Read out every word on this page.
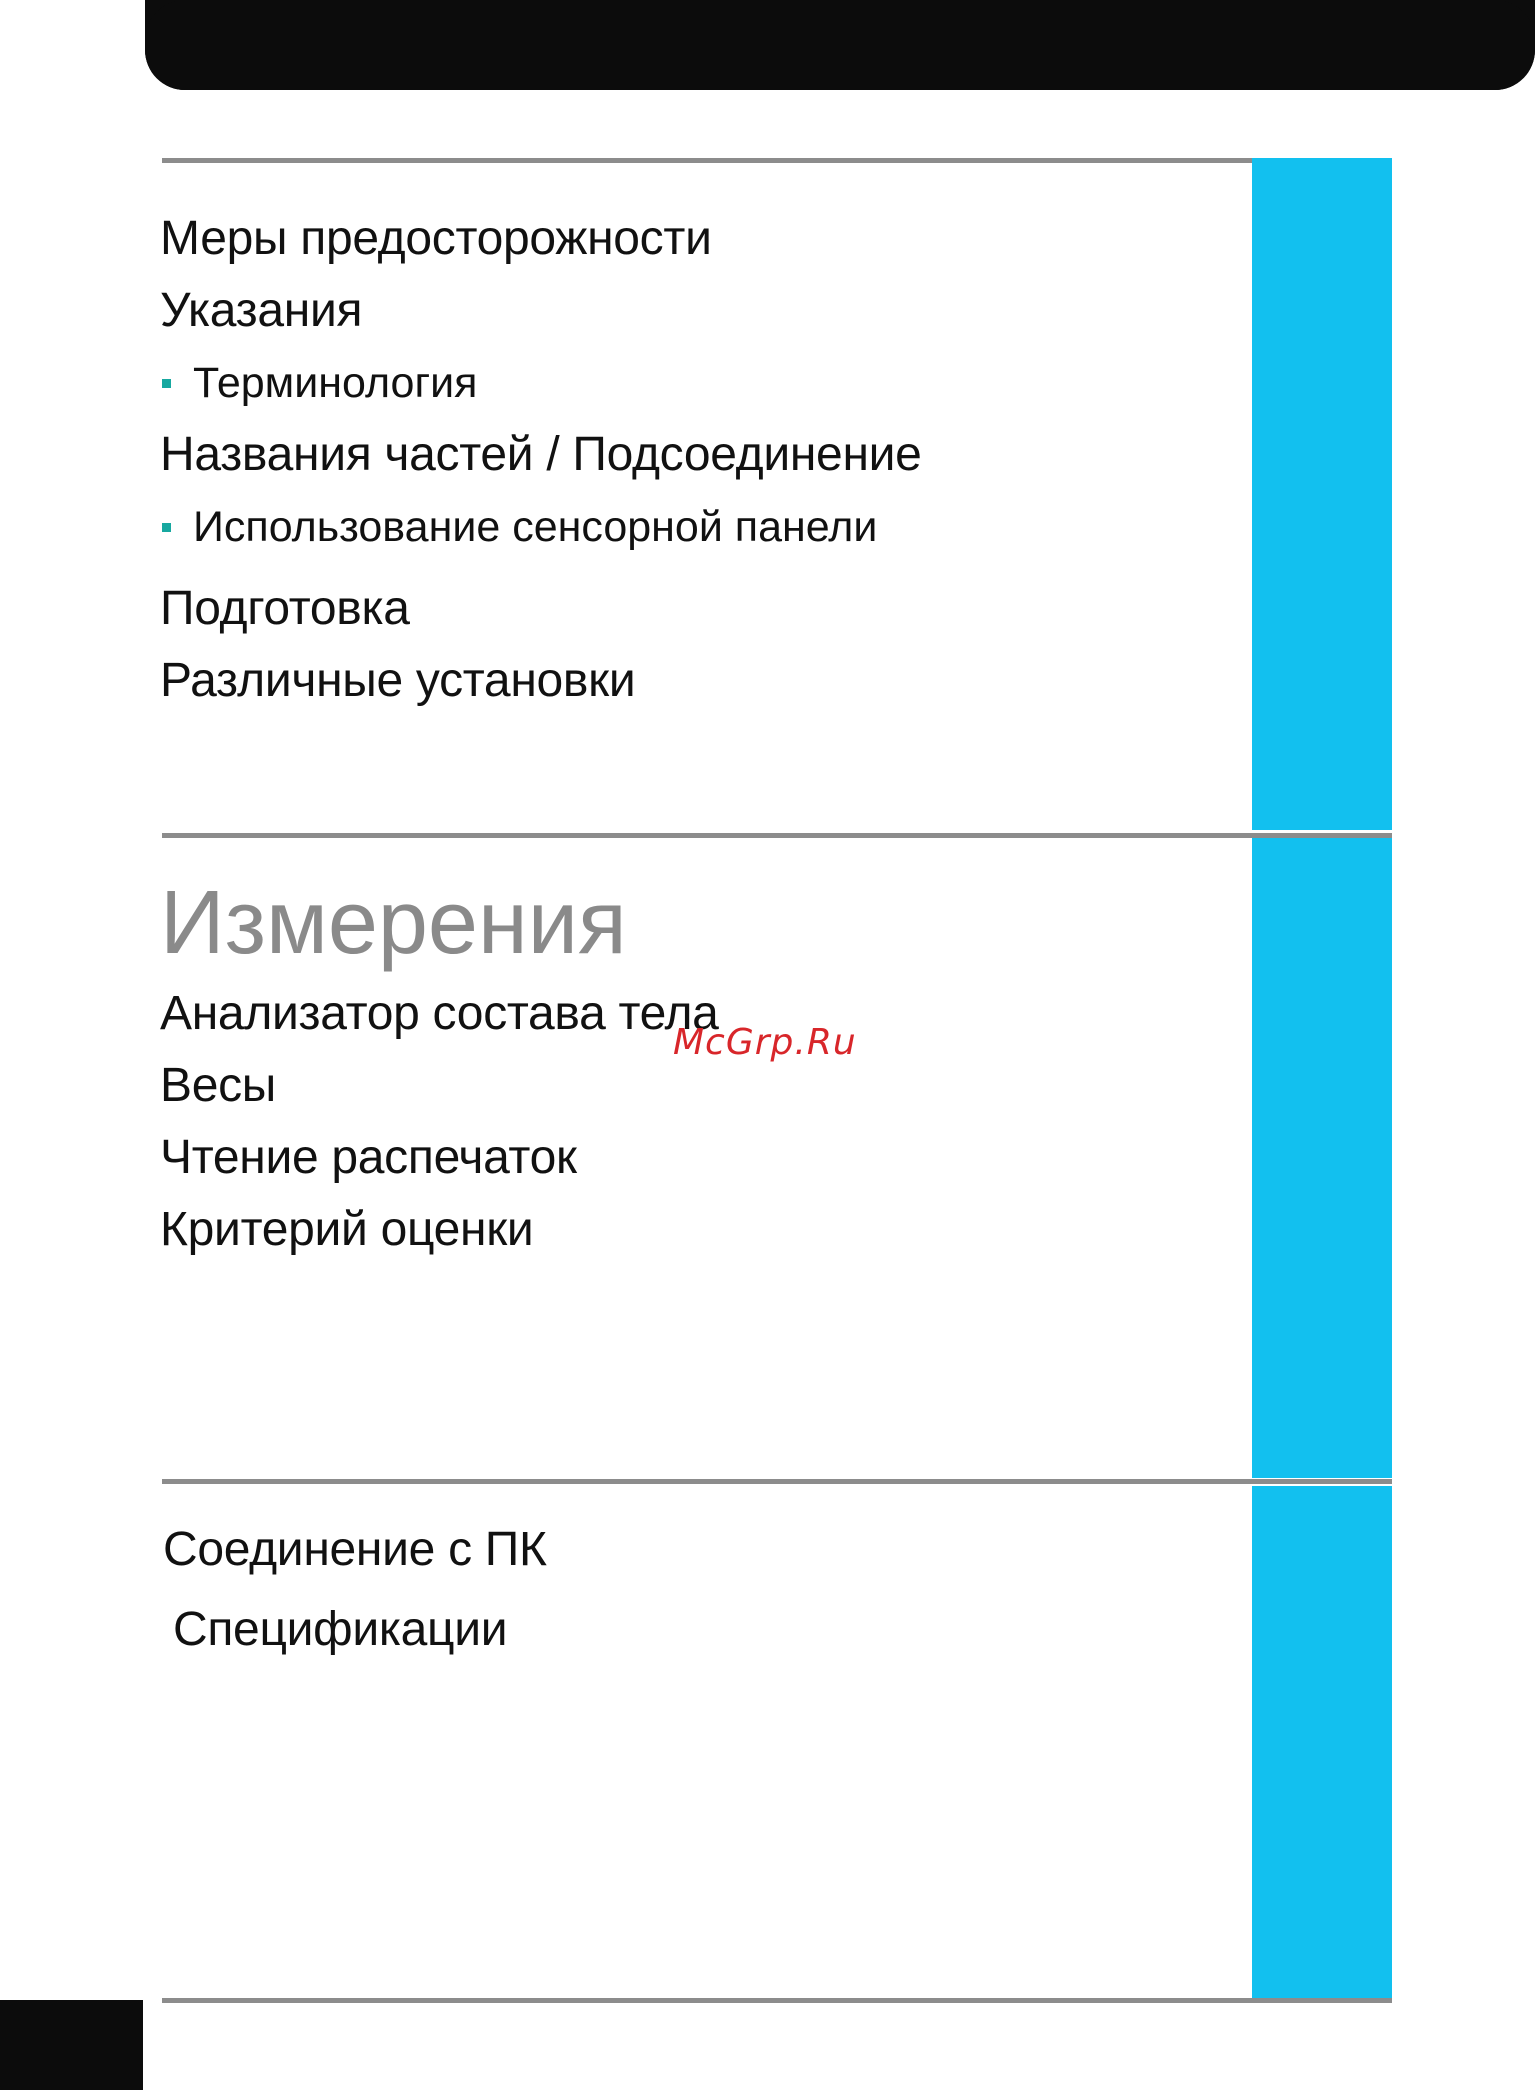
Меры предосторожности
Указания
Терминология
Названия частей / Подсоединение
Использование сенсорной панели
Подготовка
Различные установки
Измерения
Анализатор состава тела
Весы
Чтение распечаток
Критерий оценки
Соединение с ПК
Спецификации
McGrp.Ru
